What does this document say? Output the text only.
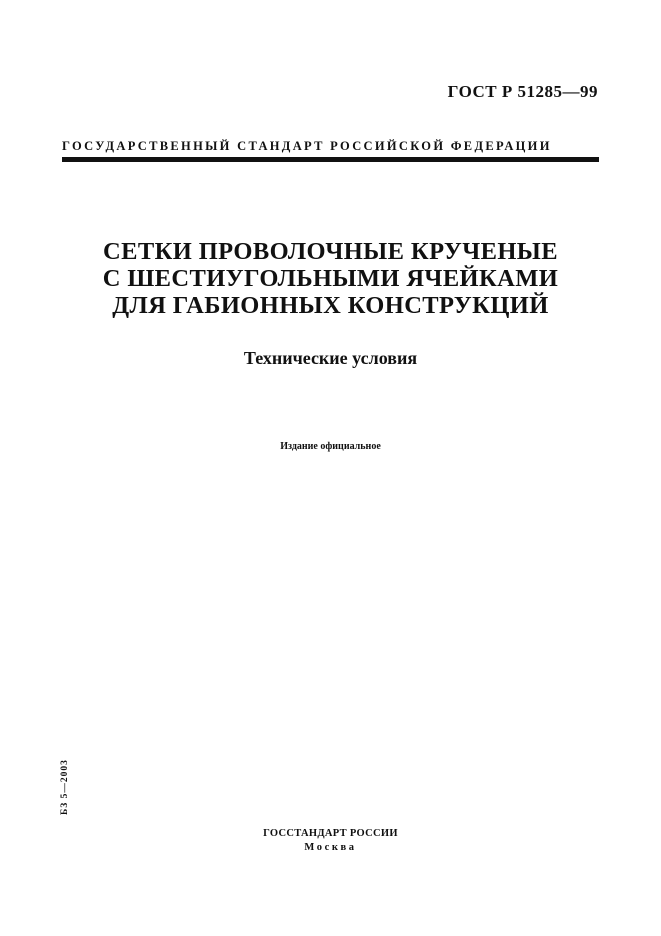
ГОСТ Р 51285—99
ГОСУДАРСТВЕННЫЙ СТАНДАРТ РОССИЙСКОЙ ФЕДЕРАЦИИ
СЕТКИ ПРОВОЛОЧНЫЕ КРУЧЕНЫЕ
С ШЕСТИУГОЛЬНЫМИ ЯЧЕЙКАМИ
ДЛЯ ГАБИОННЫХ КОНСТРУКЦИЙ
Технические условия
Издание официальное
БЗ 5—2003
ГОССТАНДАРТ РОССИИ
Москва
